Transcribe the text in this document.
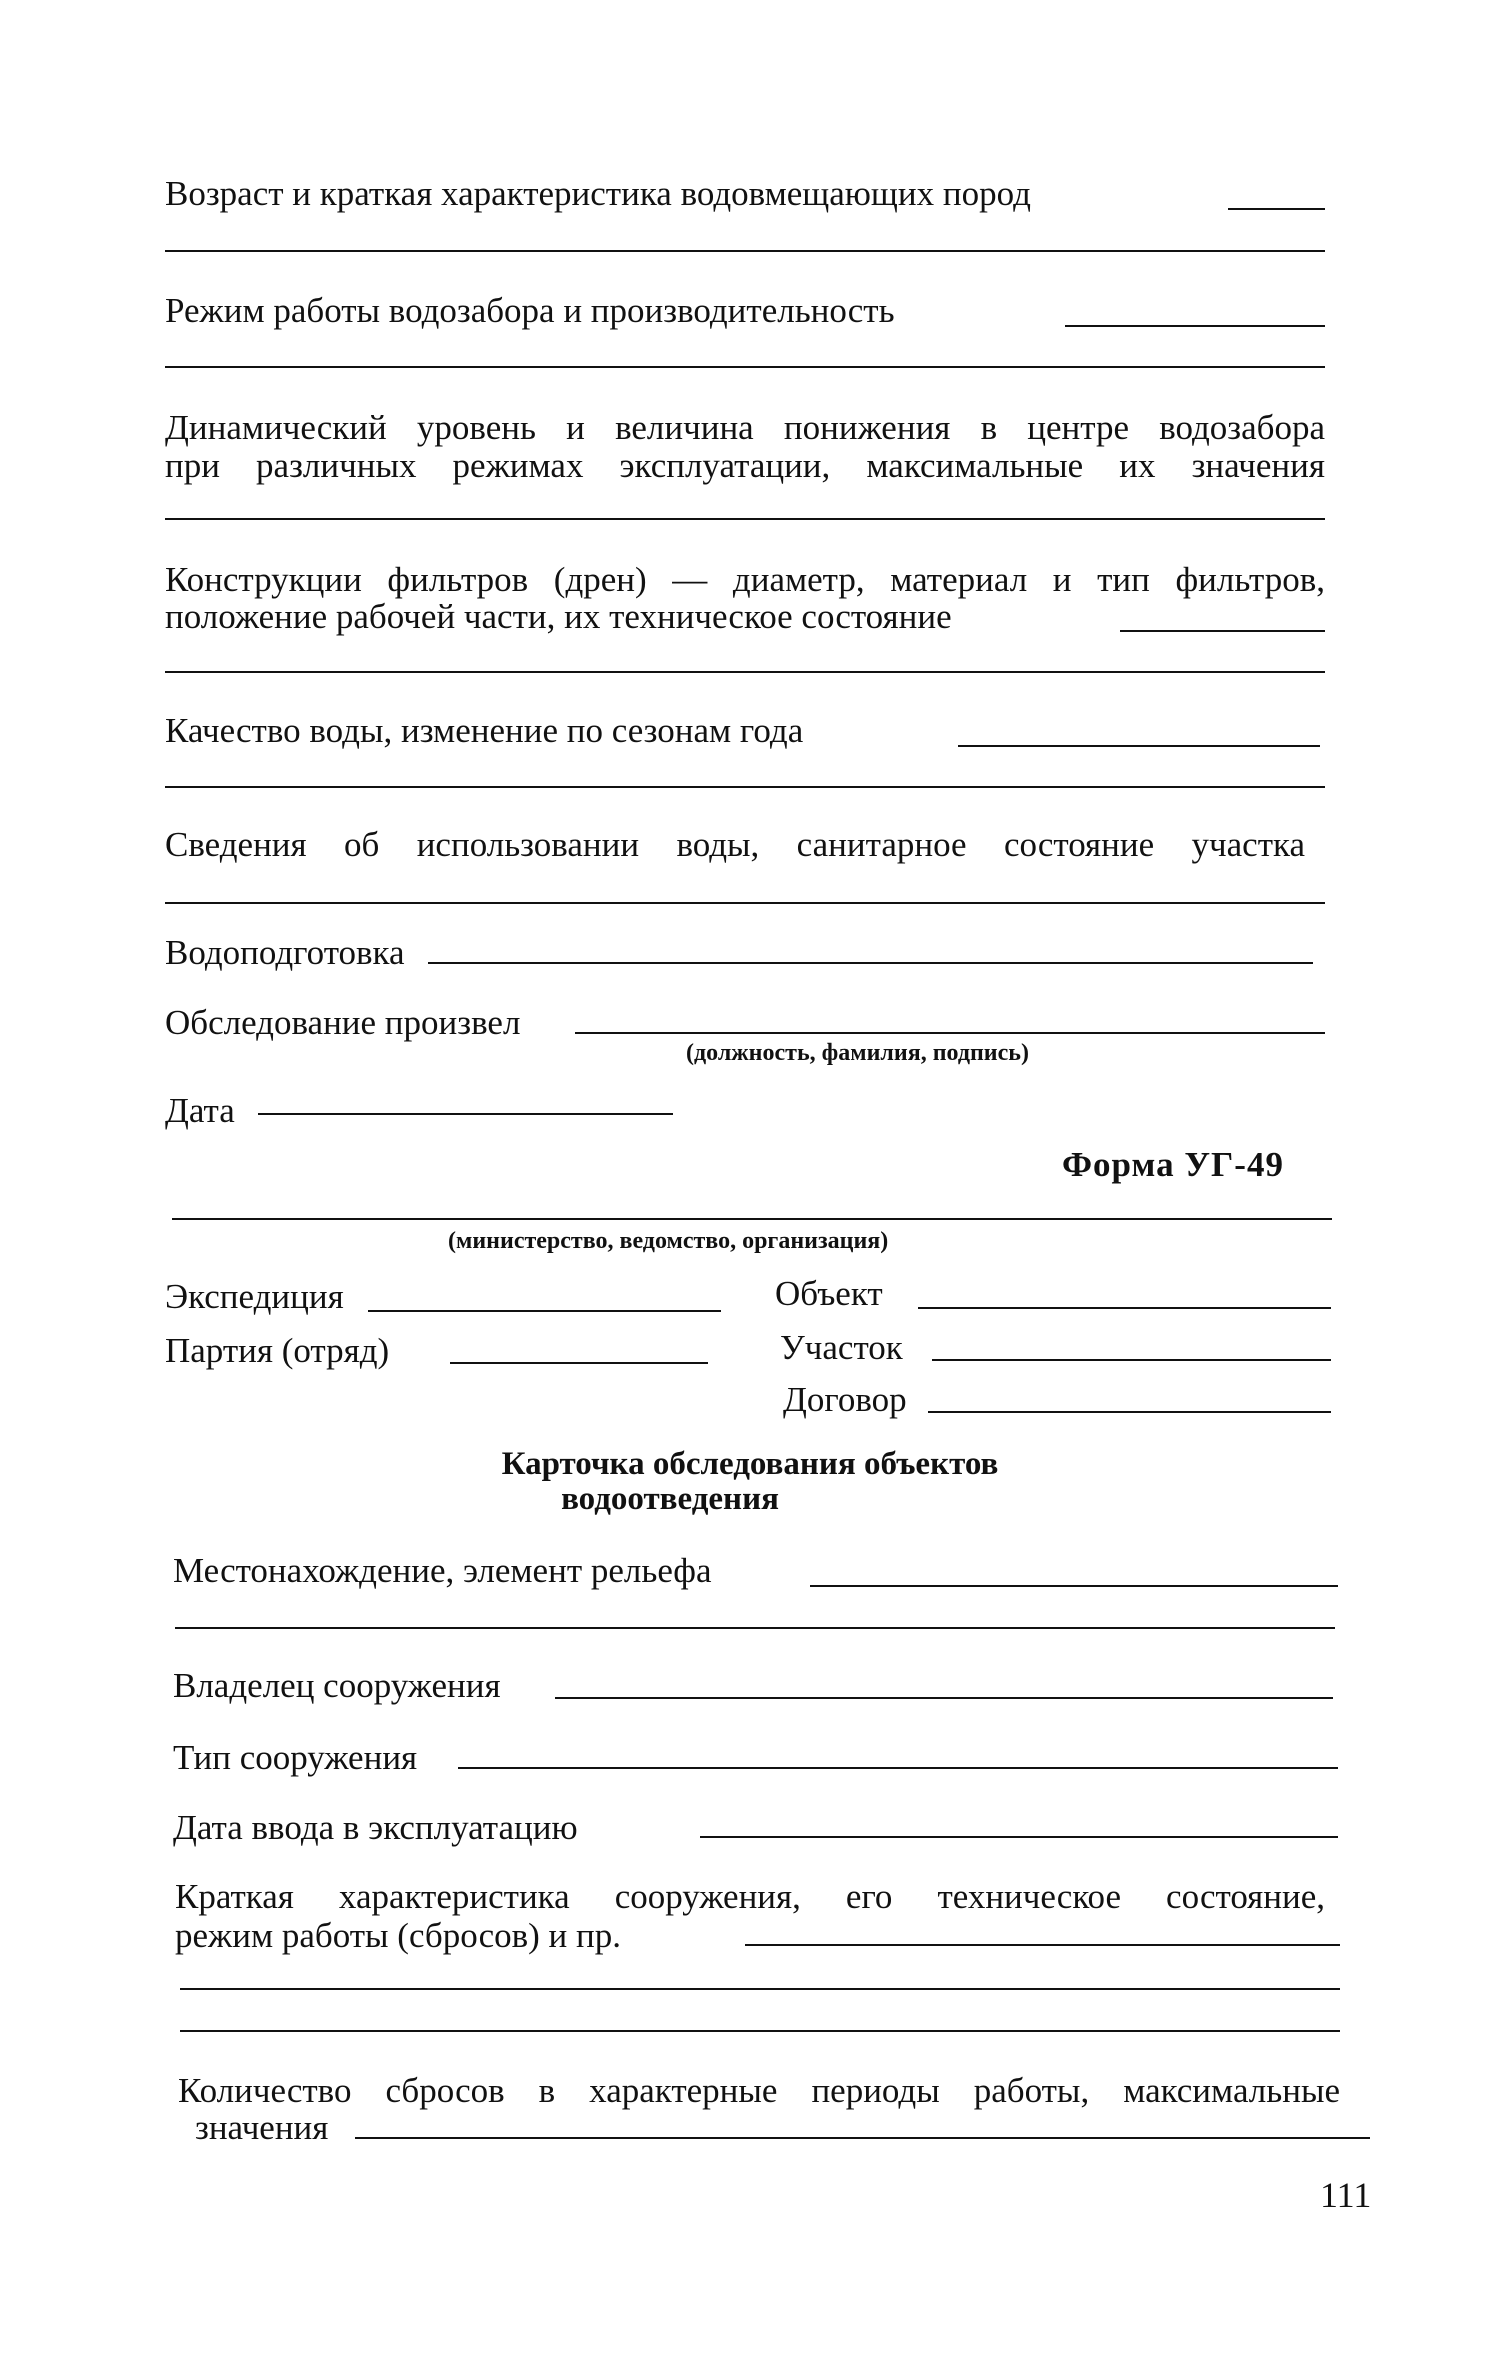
Возраст и краткая характеристика водовмещающих пород
Режим работы водозабора и производительность
Динамический уровень и величина понижения в центре водозабора
при различных режимах эксплуатации, максимальные их значения
Конструкции фильтров (дрен) — диаметр, материал и тип фильтров,
положение рабочей части, их техническое состояние
Качество воды, изменение по сезонам года
Сведения об использовании воды, санитарное состояние участка
Водоподготовка
Обследование произвел
(должность, фамилия, подпись)
Дата
Форма УГ-49
(министерство, ведомство, организация)
Экспедиция	Объект
Партия (отряд)	Участок
Договор
Карточка обследования объектов
водоотведения
Местонахождение, элемент рельефа
Владелец сооружения
Тип сооружения
Дата ввода в эксплуатацию
Краткая характеристика сооружения, его техническое состояние,
режим работы (сбросов) и пр.
Количество сбросов в характерные периоды работы, максимальные
значения
111
